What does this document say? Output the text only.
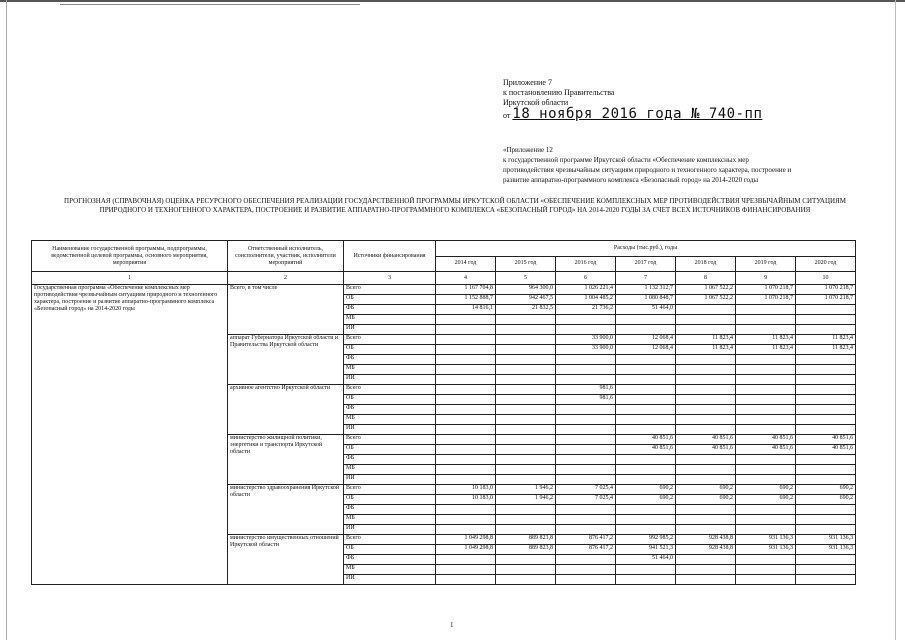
Приложение 7
к постановлению Правительства
Иркутской области
от 18 ноября 2016 года № 740-пп
«Приложение 12
к государственной программе Иркутской области «Обеспечение комплексных мер
противодействия чрезвычайным ситуациям природного и техногенного характера, построение и
развитие аппаратно-программного комплекса «Безопасный город» на 2014-2020 годы
ПРОГНОЗНАЯ (СПРАВОЧНАЯ) ОЦЕНКА РЕСУРСНОГО ОБЕСПЕЧЕНИЯ РЕАЛИЗАЦИИ ГОСУДАРСТВЕННОЙ ПРОГРАММЫ ИРКУТСКОЙ ОБЛАСТИ «ОБЕСПЕЧЕНИЕ КОМПЛЕКСНЫХ МЕР ПРОТИВОДЕЙСТВИЯ ЧРЕЗВЫЧАЙНЫМ СИТУАЦИЯМ
ПРИРОДНОГО И ТЕХНОГЕННОГО ХАРАКТЕРА, ПОСТРОЕНИЕ И РАЗВИТИЕ АППАРАТНО-ПРОГРАММНОГО КОМПЛЕКСА «БЕЗОПАСНЫЙ ГОРОД» НА 2014-2020 ГОДЫ ЗА СЧЕТ ВСЕХ ИСТОЧНИКОВ ФИНАНСИРОВАНИЯ
Наименование государственной программы, подпрограммы, ведомственной целевой программы, основного мероприятия, мероприятия	Ответственный исполнитель, соисполнители, участник, исполнители мероприятий	Источники финансирования	Расходы (тыс.руб.), годы						
			2014 год	2015 год	2016 год	2017 год	2018 год	2019 год	2020 год
1	2	3	4	5	6	7	8	9	10
Государственная программа «Обеспечение комплексных мер противодействия чрезвычайным ситуациям природного и техногенного характера, построение и развитие аппаратно-программного комплекса «Безопасный город» на 2014-2020 годы	Всего, в том числе	Всего	1 167 704,8	964 300,0	1 026 221,4	1 132 312,7	1 067 522,2	1 070 218,7	1 070 218,7
		ОБ	1 152 888,7	942 467,5	1 004 485,2	1 080 848,7	1 067 522,2	1 070 218,7	1 070 218,7
		ФБ	14 816,1	21 832,5	21 736,2	51 464,0			
		МБ							
		ИИ							
	аппарат Губернатора Иркутской области и Правительства Иркутской области	Всего			33 900,0	12 068,4	11 823,4	11 823,4	11 823,4
		ОБ			33 900,0	12 068,4	11 823,4	11 823,4	11 823,4
		ФБ							
		МБ							
		ИИ							
	архивное агентство Иркутской области	Всего			981,6				
		ОБ			981,6				
		ФБ							
		МБ							
		ИИ							
	министерство жилищной политики, энергетики и транспорта Иркутской области	Всего				40 851,6	40 851,6	40 851,6	40 851,6
		ОБ				40 851,6	40 851,6	40 851,6	40 851,6
		ФБ							
		МБ							
		ИИ							
	министерство здравоохранения Иркутской области	Всего	10 183,0	1 946,2	7 025,4	690,2	690,2	690,2	690,2
		ОБ	10 183,0	1 946,2	7 025,4	690,2	690,2	690,2	690,2
		ФБ							
		МБ							
		ИИ							
	министерство имущественных отношений Иркутской области	Всего	1 049 298,8	889 823,8	876 417,2	992 985,2	928 438,8	931 136,3	931 136,3
		ОБ	1 049 298,8	889 823,8	876 417,2	941 521,3	928 438,8	931 136,3	931 136,3
		ФБ				51 464,0			
		МБ							
		ИИ							
1
